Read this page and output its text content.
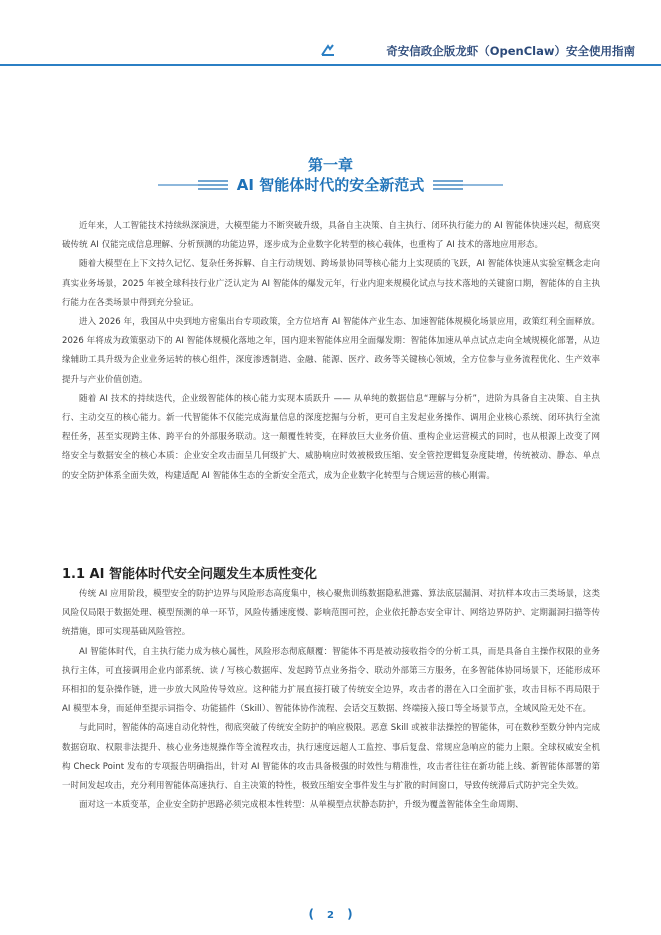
奇安信政企版龙虾（OpenClaw）安全使用指南
第一章
AI 智能体时代的安全新范式

近年来，人工智能技术持续纵深演进，大模型能力不断突破升级，具备自主决策、自主执行、闭环执行能力的 AI 智能体快速兴起，彻底突破传统 AI 仅能完成信息理解、分析预测的功能边界，逐步成为企业数字化转型的核心载体，也重构了 AI 技术的落地应用形态。

随着大模型在上下文持久记忆、复杂任务拆解、自主行动规划、跨场景协同等核心能力上实现质的飞跃，AI 智能体快速从实验室概念走向真实业务场景，2025 年被全球科技行业广泛认定为 AI 智能体的爆发元年，行业内迎来规模化试点与技术落地的关键窗口期，智能体的自主执行能力在各类场景中得到充分验证。

进入 2026 年，我国从中央到地方密集出台专项政策，全方位培育 AI 智能体产业生态、加速智能体规模化场景应用，政策红利全面释放。2026 年将成为政策驱动下的 AI 智能体规模化落地之年，国内迎来智能体应用全面爆发期：智能体加速从单点试点走向全域规模化部署，从边缘辅助工具升级为企业业务运转的核心组件，深度渗透制造、金融、能源、医疗、政务等关键核心领域，全方位参与业务流程优化、生产效率提升与产业价值创造。

随着 AI 技术的持续迭代，企业级智能体的核心能力实现本质跃升 —— 从单纯的数据信息“理解与分析”，进阶为具备自主决策、自主执行、主动交互的核心能力。新一代智能体不仅能完成海量信息的深度挖掘与分析，更可自主发起业务操作、调用企业核心系统、闭环执行全流程任务，甚至实现跨主体、跨平台的外部服务联动。这一颠覆性转变，在释放巨大业务价值、重构企业运营模式的同时，也从根源上改变了网络安全与数据安全的核心本质：企业安全攻击面呈几何级扩大、威胁响应时效被极致压缩、安全管控逻辑复杂度陡增，传统被动、静态、单点的安全防护体系全面失效，构建适配 AI 智能体生态的全新安全范式，成为企业数字化转型与合规运营的核心刚需。

1.1 AI 智能体时代安全问题发生本质性变化

传统 AI 应用阶段，模型安全的防护边界与风险形态高度集中，核心聚焦训练数据隐私泄露、算法底层漏洞、对抗样本攻击三类场景，这类风险仅局限于数据处理、模型预测的单一环节，风险传播速度慢、影响范围可控，企业依托静态安全审计、网络边界防护、定期漏洞扫描等传统措施，即可实现基础风险管控。

AI 智能体时代，自主执行能力成为核心属性，风险形态彻底颠覆：智能体不再是被动接收指令的分析工具，而是具备自主操作权限的业务执行主体，可直接调用企业内部系统、读 / 写核心数据库、发起跨节点业务指令、联动外部第三方服务，在多智能体协同场景下，还能形成环环相扣的复杂操作链，进一步放大风险传导效应。这种能力扩展直接打破了传统安全边界，攻击者的潜在入口全面扩张，攻击目标不再局限于 AI 模型本身，而延伸至提示词指令、功能插件（Skill）、智能体协作流程、会话交互数据、终端接入接口等全场景节点，全域风险无处不在。

与此同时，智能体的高速自动化特性，彻底突破了传统安全防护的响应极限。恶意 Skill 或被非法操控的智能体，可在数秒至数分钟内完成数据窃取、权限非法提升、核心业务违规操作等全流程攻击，执行速度远超人工监控、事后复盘、常规应急响应的能力上限。全球权威安全机构 Check Point 发布的专项报告明确指出，针对 AI 智能体的攻击具备极强的时效性与精准性，攻击者往往在新功能上线、新智能体部署的第一时间发起攻击，充分利用智能体高速执行、自主决策的特性，极致压缩安全事件发生与扩散的时间窗口，导致传统滞后式防护完全失效。

面对这一本质变革，企业安全防护思路必须完成根本性转型：从单模型点状静态防护，升级为覆盖智能体全生命周期、

( 2 )
